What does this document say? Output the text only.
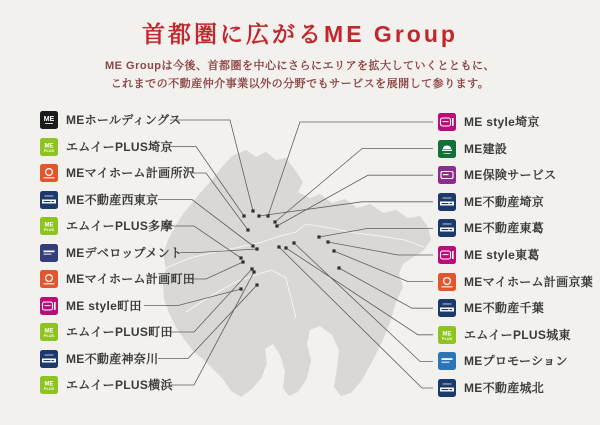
首都圏に広がるME Group
ME Groupは今後、首都圏を中心にさらにエリアを拡大していくとともに、
これまでの不動産仲介事業以外の分野でもサービスを展開して参ります。
ME MEホールディングス
ME
PLUS エムイーPLUS埼京
MEマイホーム計画所沢
ME不動産西東京
ME
PLUS エムイーPLUS多摩
MEデベロップメント
MEマイホーム計画町田
ME style町田
ME
PLUS エムイーPLUS町田
ME不動産神奈川
ME
PLUS エムイーPLUS横浜
ME style埼京
ME建設
ME保険サービス
ME不動産埼京
ME不動産東葛
ME style東葛
MEマイホーム計画京葉
ME不動産千葉
ME
PLUS エムイーPLUS城東
MEプロモーション
ME不動産城北
